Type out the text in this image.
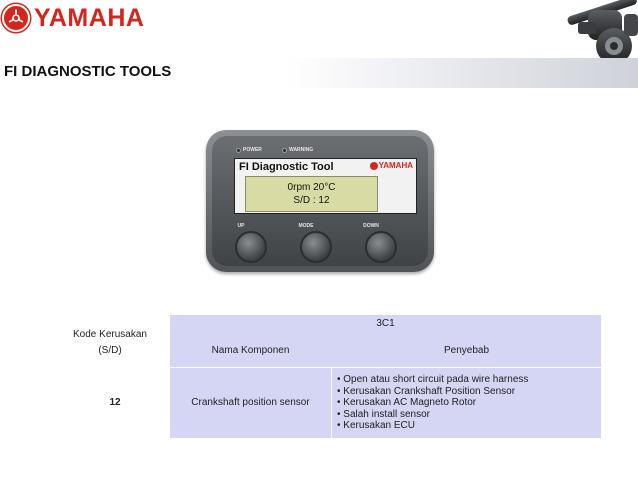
YAMAHA
FI DIAGNOSTIC TOOLS
POWER	WARNING
FI Diagnostic Tool	YAMAHA
0rpm 20°C
S/D : 12
UP	MODE	DOWN
Kode Kerusakan
(S/D)
3C1
Nama Komponen	Penyebab
12	Crankshaft position sensor
• Open atau short circuit pada wire harness
• Kerusakan Crankshaft Position Sensor
• Kerusakan AC Magneto Rotor
• Salah install sensor
• Kerusakan ECU
